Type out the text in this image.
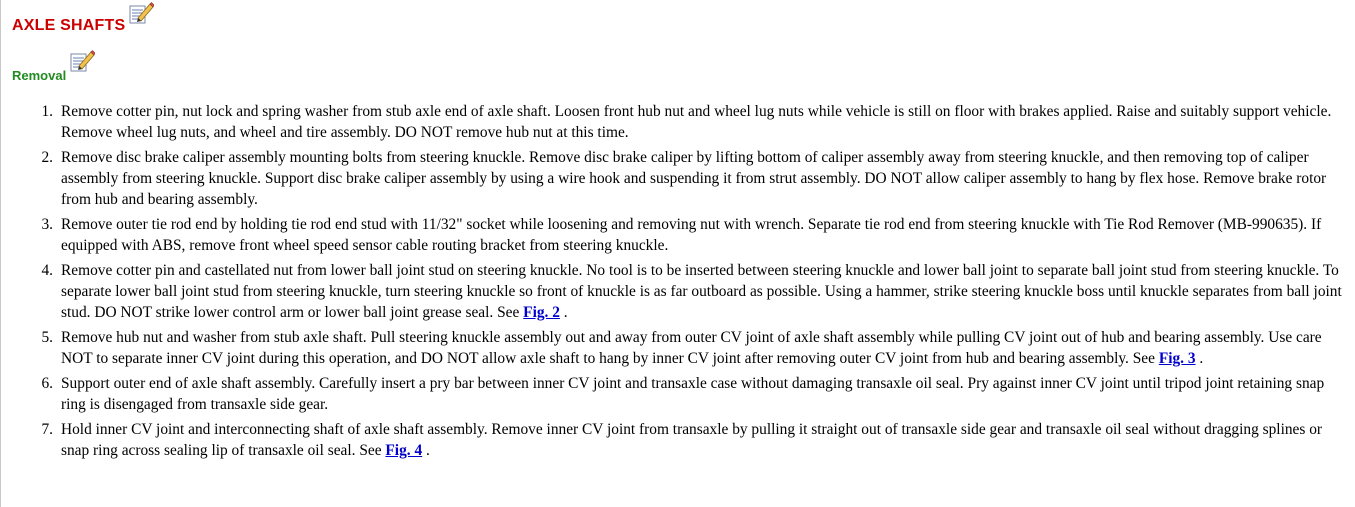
AXLE SHAFTS
Removal
1. Remove cotter pin, nut lock and spring washer from stub axle end of axle shaft. Loosen front hub nut and wheel lug nuts while vehicle is still on floor with brakes applied. Raise and suitably support vehicle. Remove wheel lug nuts, and wheel and tire assembly. DO NOT remove hub nut at this time.
2. Remove disc brake caliper assembly mounting bolts from steering knuckle. Remove disc brake caliper by lifting bottom of caliper assembly away from steering knuckle, and then removing top of caliper assembly from steering knuckle. Support disc brake caliper assembly by using a wire hook and suspending it from strut assembly. DO NOT allow caliper assembly to hang by flex hose. Remove brake rotor from hub and bearing assembly.
3. Remove outer tie rod end by holding tie rod end stud with 11/32" socket while loosening and removing nut with wrench. Separate tie rod end from steering knuckle with Tie Rod Remover (MB-990635). If equipped with ABS, remove front wheel speed sensor cable routing bracket from steering knuckle.
4. Remove cotter pin and castellated nut from lower ball joint stud on steering knuckle. No tool is to be inserted between steering knuckle and lower ball joint to separate ball joint stud from steering knuckle. To separate lower ball joint stud from steering knuckle, turn steering knuckle so front of knuckle is as far outboard as possible. Using a hammer, strike steering knuckle boss until knuckle separates from ball joint stud. DO NOT strike lower control arm or lower ball joint grease seal. See Fig. 2 .
5. Remove hub nut and washer from stub axle shaft. Pull steering knuckle assembly out and away from outer CV joint of axle shaft assembly while pulling CV joint out of hub and bearing assembly. Use care NOT to separate inner CV joint during this operation, and DO NOT allow axle shaft to hang by inner CV joint after removing outer CV joint from hub and bearing assembly. See Fig. 3 .
6. Support outer end of axle shaft assembly. Carefully insert a pry bar between inner CV joint and transaxle case without damaging transaxle oil seal. Pry against inner CV joint until tripod joint retaining snap ring is disengaged from transaxle side gear.
7. Hold inner CV joint and interconnecting shaft of axle shaft assembly. Remove inner CV joint from transaxle by pulling it straight out of transaxle side gear and transaxle oil seal without dragging splines or snap ring across sealing lip of transaxle oil seal. See Fig. 4 .
